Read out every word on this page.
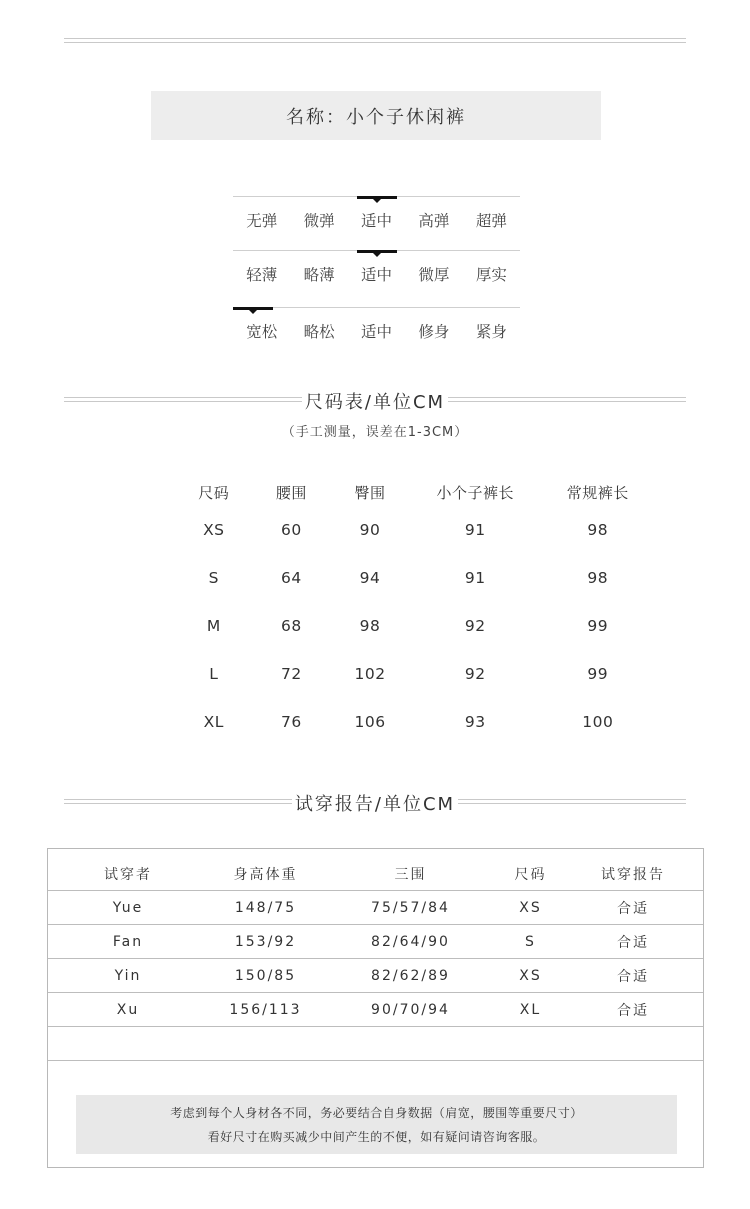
名称：小个子休闲裤
无弹	微弹	适中	高弹	超弹
轻薄	略薄	适中	微厚	厚实
宽松	略松	适中	修身	紧身
尺码表/单位CM
（手工测量，误差在1-3CM）
尺码	腰围	臀围	小个子裤长	常规裤长
XS	60	90	91	98
S	64	94	91	98
M	68	98	92	99
L	72	102	92	99
XL	76	106	93	100
试穿报告/单位CM
试穿者	身高体重	三围	尺码	试穿报告
Yue	148/75	75/57/84	XS	合适
Fan	153/92	82/64/90	S	合适
Yin	150/85	82/62/89	XS	合适
Xu	156/113	90/70/94	XL	合适

考虑到每个人身材各不同，务必要结合自身数据（肩宽，腰围等重要尺寸）
看好尺寸在购买减少中间产生的不便，如有疑问请咨询客服。
